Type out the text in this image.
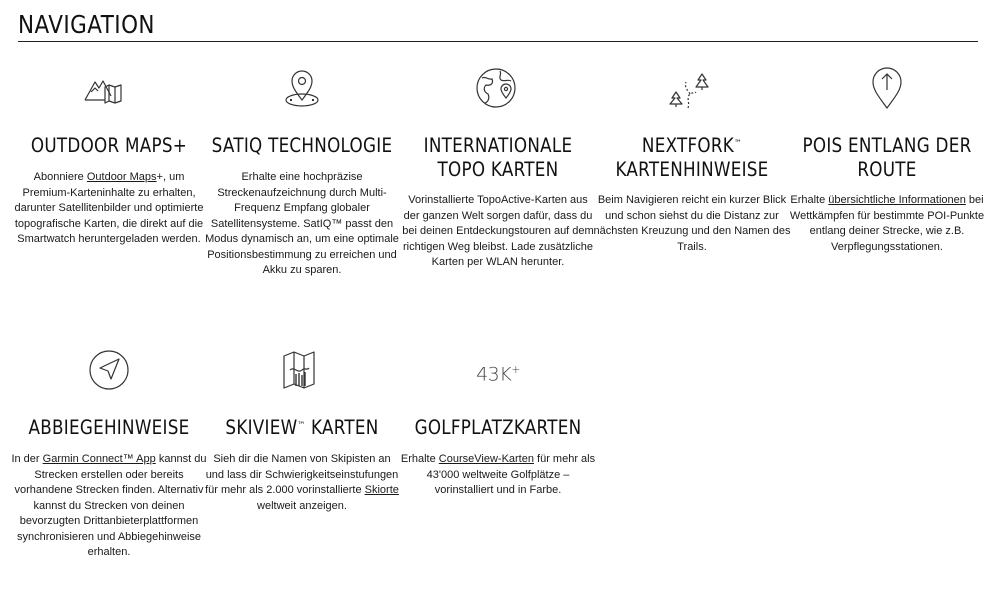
NAVIGATION
OUTDOOR MAPS+

Abonniere Outdoor Maps+, um Premium-Karteninhalte zu erhalten, darunter Satellitenbilder und optimierte topografische Karten, die direkt auf die Smartwatch heruntergeladen werden.

SATIQ TECHNOLOGIE

Erhalte eine hochpräzise Streckenaufzeichnung durch Multi-Frequenz Empfang globaler Satellitensysteme. SatIQ™ passt den Modus dynamisch an, um eine optimale Positionsbestimmung zu erreichen und Akku zu sparen.

INTERNATIONALE TOPO KARTEN

Vorinstallierte TopoActive-Karten aus der ganzen Welt sorgen dafür, dass du bei deinen Entdeckungstouren auf dem richtigen Weg bleibst. Lade zusätzliche Karten per WLAN herunter.

NEXTFORK™
KARTENHINWEISE

Beim Navigieren reicht ein kurzer Blick und schon siehst du die Distanz zur nächsten Kreuzung und den Namen des Trails.

POIS ENTLANG DER ROUTE

Erhalte übersichtliche Informationen bei Wettkämpfen für bestimmte POI-Punkte entlang deiner Strecke, wie z.B. Verpflegungsstationen.

ABBIEGEHINWEISE

In der Garmin Connect™ App kannst du Strecken erstellen oder bereits vorhandene Strecken finden. Alternativ kannst du Strecken von deinen bevorzugten Drittanbieterplattformen synchronisieren und Abbiegehinweise erhalten.

SKIVIEW™ KARTEN

Sieh dir die Namen von Skipisten an und lass dir Schwierigkeitseinstufungen für mehr als 2.000 vorinstallierte Skiorte weltweit anzeigen.

43K+
GOLFPLATZKARTEN

Erhalte CourseView-Karten für mehr als 43'000 weltweite Golfplätze – vorinstalliert und in Farbe.
